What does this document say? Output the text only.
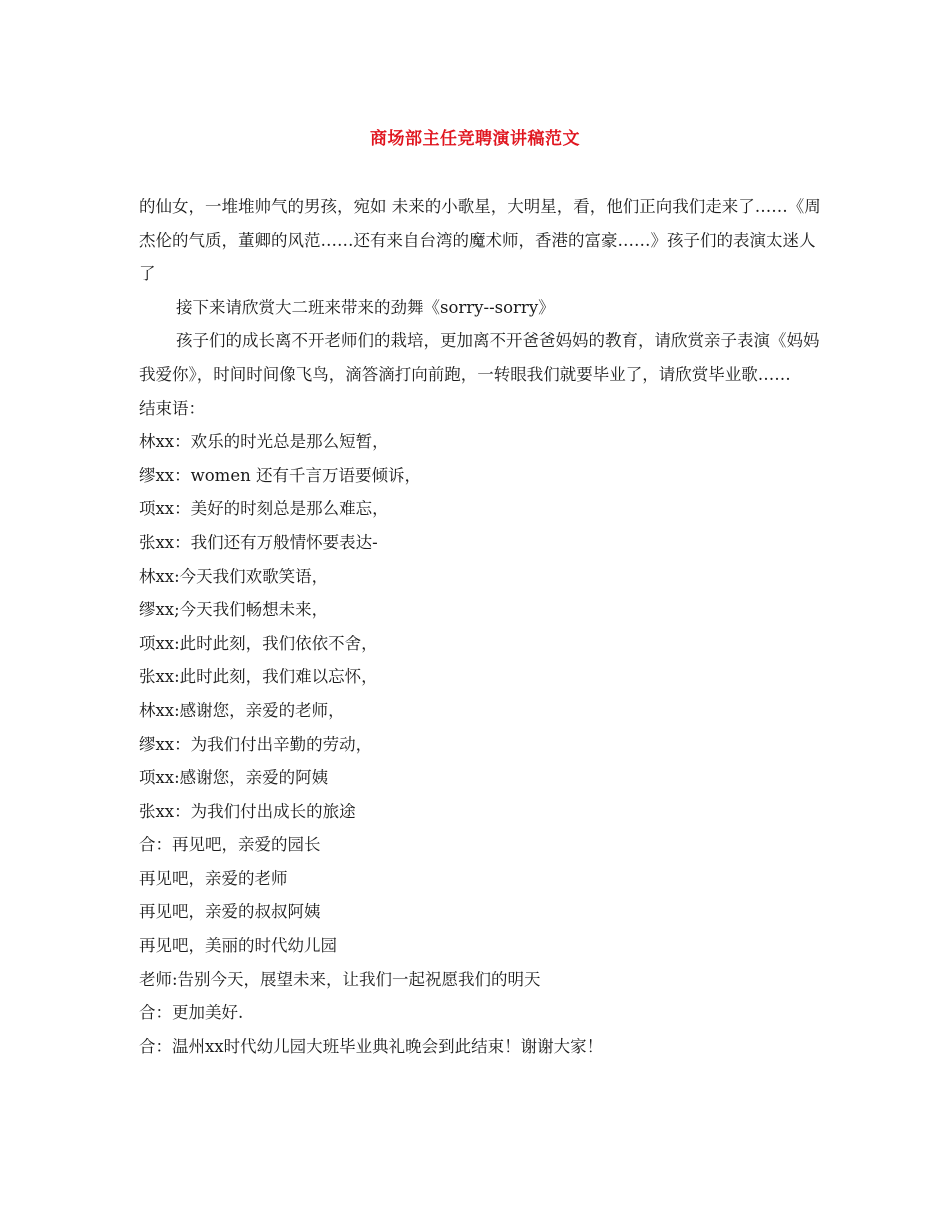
商场部主任竞聘演讲稿范文

的仙女，一堆堆帅气的男孩，宛如 未来的小歌星，大明星，看，他们正向我们走来了……《周杰伦的气质，董卿的风范……还有来自台湾的魔术师，香港的富豪……》孩子们的表演太迷人了

接下来请欣赏大二班来带来的劲舞《sorry--sorry》

孩子们的成长离不开老师们的栽培，更加离不开爸爸妈妈的教育，请欣赏亲子表演《妈妈我爱你》，时间时间像飞鸟，滴答滴打向前跑，一转眼我们就要毕业了，请欣赏毕业歌……

结束语：

林xx：欢乐的时光总是那么短暂，

缪xx：women 还有千言万语要倾诉，

项xx：美好的时刻总是那么难忘，

张xx：我们还有万般情怀要表达-

林xx:今天我们欢歌笑语，

缪xx;今天我们畅想未来，

项xx:此时此刻，我们依依不舍，

张xx:此时此刻，我们难以忘怀，

林xx:感谢您，亲爱的老师，

缪xx：为我们付出辛勤的劳动，

项xx:感谢您，亲爱的阿姨

张xx：为我们付出成长的旅途

合：再见吧，亲爱的园长

再见吧，亲爱的老师

再见吧，亲爱的叔叔阿姨

再见吧，美丽的时代幼儿园

老师:告别今天，展望未来，让我们一起祝愿我们的明天

合：更加美好.

合：温州xx时代幼儿园大班毕业典礼晚会到此结束！谢谢大家！
